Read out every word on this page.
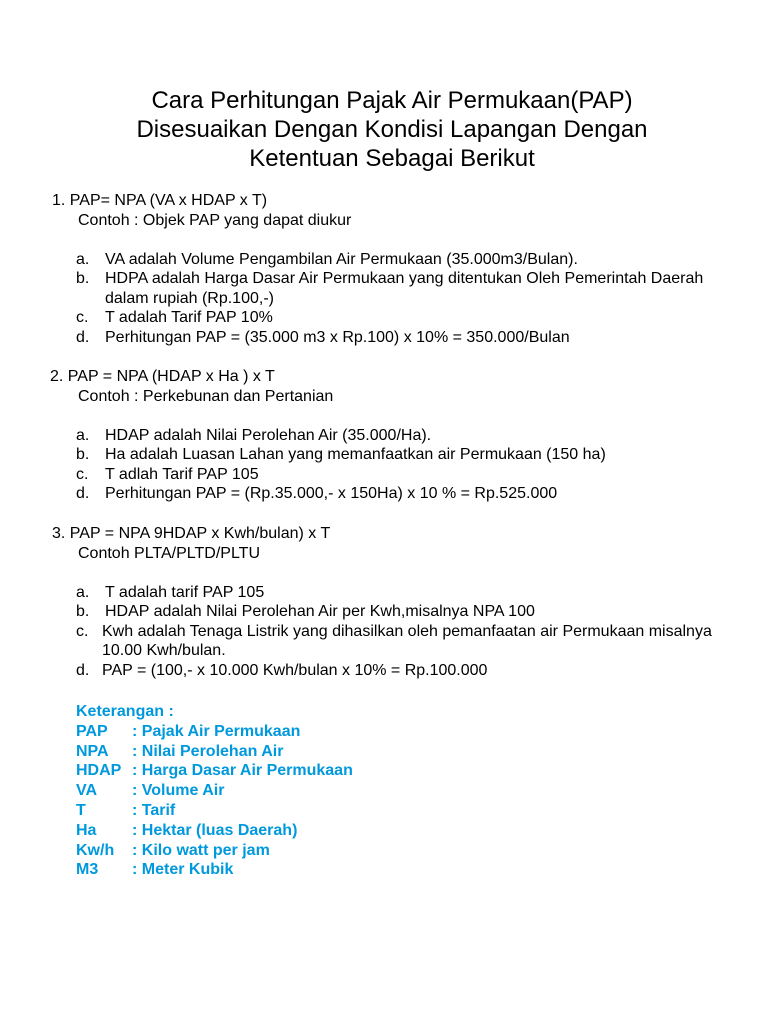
Cara Perhitungan Pajak Air Permukaan(PAP)
Disesuaikan Dengan Kondisi Lapangan Dengan
Ketentuan Sebagai Berikut
1. PAP= NPA (VA x HDAP x T)
Contoh : Objek PAP yang dapat diukur
a. VA adalah Volume Pengambilan Air Permukaan (35.000m3/Bulan).
b. HDPA adalah Harga Dasar Air Permukaan yang ditentukan Oleh Pemerintah Daerah dalam rupiah (Rp.100,-)
c.	T adalah Tarif PAP 10%
d. Perhitungan PAP = (35.000 m3 x Rp.100) x 10% = 350.000/Bulan
2. PAP = NPA (HDAP x Ha ) x T
Contoh : Perkebunan dan Pertanian
a. HDAP adalah Nilai Perolehan Air (35.000/Ha).
b. Ha adalah Luasan Lahan yang memanfaatkan air Permukaan (150 ha)
c.	T adlah Tarif PAP 105
d. Perhitungan PAP = (Rp.35.000,- x 150Ha) x 10 % = Rp.525.000
3. PAP = NPA 9HDAP x Kwh/bulan) x T
Contoh PLTA/PLTD/PLTU
a. T adalah tarif PAP 105
b. HDAP adalah Nilai Perolehan Air per Kwh,misalnya NPA 100
c. Kwh adalah Tenaga Listrik yang dihasilkan oleh pemanfaatan air Permukaan misalnya 10.00 Kwh/bulan.
d. PAP = (100,- x 10.000 Kwh/bulan x 10% = Rp.100.000
Keterangan :
PAP	: Pajak Air Permukaan
NPA	: Nilai Perolehan Air
HDAP : Harga Dasar Air Permukaan
VA	: Volume Air
T	: Tarif
Ha	: Hektar (luas Daerah)
Kw/h	: Kilo watt per jam
M3	: Meter Kubik
